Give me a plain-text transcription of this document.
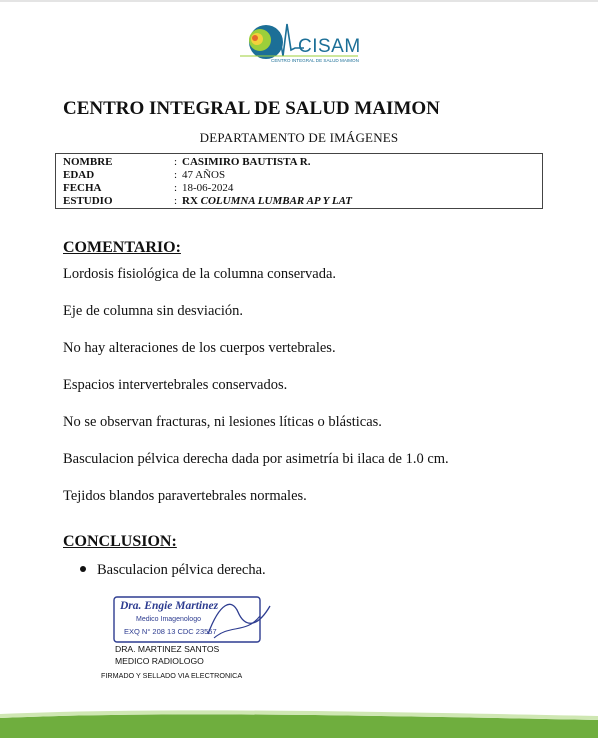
CISAM
CENTRO INTEGRAL DE SALUD MAIMON
CENTRO INTEGRAL DE SALUD MAIMON
DEPARTAMENTO DE IMÁGENES
NOMBRE	: CASIMIRO BAUTISTA R.
EDAD	: 47 AÑOS
FECHA	: 18-06-2024
ESTUDIO	: RX COLUMNA LUMBAR AP Y LAT
COMENTARIO:
Lordosis fisiológica de la columna conservada.
Eje de columna sin desviación.
No hay alteraciones de los cuerpos vertebrales.
Espacios intervertebrales conservados.
No se observan fracturas, ni lesiones líticas o blásticas.
Basculacion pélvica derecha dada por asimetría bi ilaca de 1.0 cm.
Tejidos blandos paravertebrales normales.
CONCLUSION:
Basculacion pélvica derecha.
Dra. Engie Martinez
Medico Imagenologo
EXQ N° 208 13 CDC 23557
DRA. MARTINEZ SANTOS
MEDICO RADIOLOGO
FIRMADO Y SELLADO VIA ELECTRONICA
